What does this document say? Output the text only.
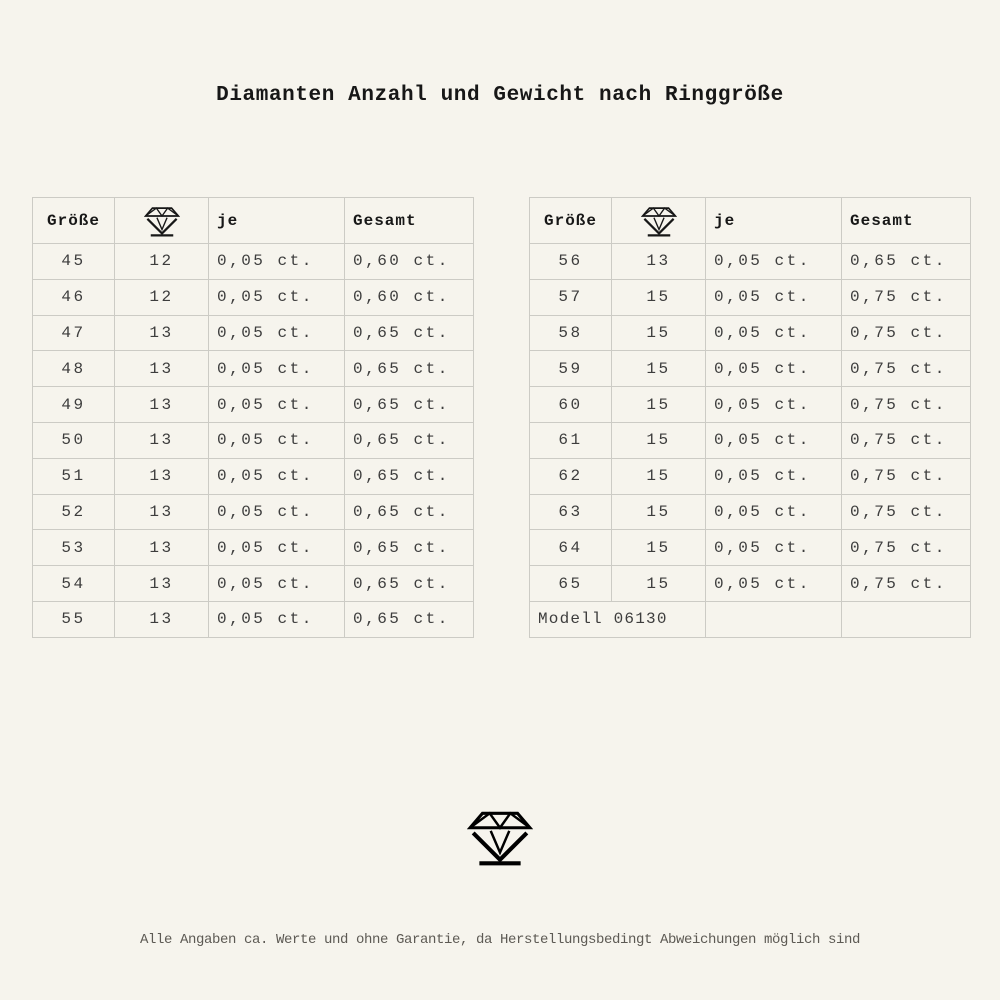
Diamanten Anzahl und Gewicht nach Ringgröße
Größe		je	Gesamt
45	12	0,05 ct.	0,60 ct.
46	12	0,05 ct.	0,60 ct.
47	13	0,05 ct.	0,65 ct.
48	13	0,05 ct.	0,65 ct.
49	13	0,05 ct.	0,65 ct.
50	13	0,05 ct.	0,65 ct.
51	13	0,05 ct.	0,65 ct.
52	13	0,05 ct.	0,65 ct.
53	13	0,05 ct.	0,65 ct.
54	13	0,05 ct.	0,65 ct.
55	13	0,05 ct.	0,65 ct.
Größe		je	Gesamt
56	13	0,05 ct.	0,65 ct.
57	15	0,05 ct.	0,75 ct.
58	15	0,05 ct.	0,75 ct.
59	15	0,05 ct.	0,75 ct.
60	15	0,05 ct.	0,75 ct.
61	15	0,05 ct.	0,75 ct.
62	15	0,05 ct.	0,75 ct.
63	15	0,05 ct.	0,75 ct.
64	15	0,05 ct.	0,75 ct.
65	15	0,05 ct.	0,75 ct.
Modell 06130			
Alle Angaben ca. Werte und ohne Garantie, da Herstellungsbedingt Abweichungen möglich sind
